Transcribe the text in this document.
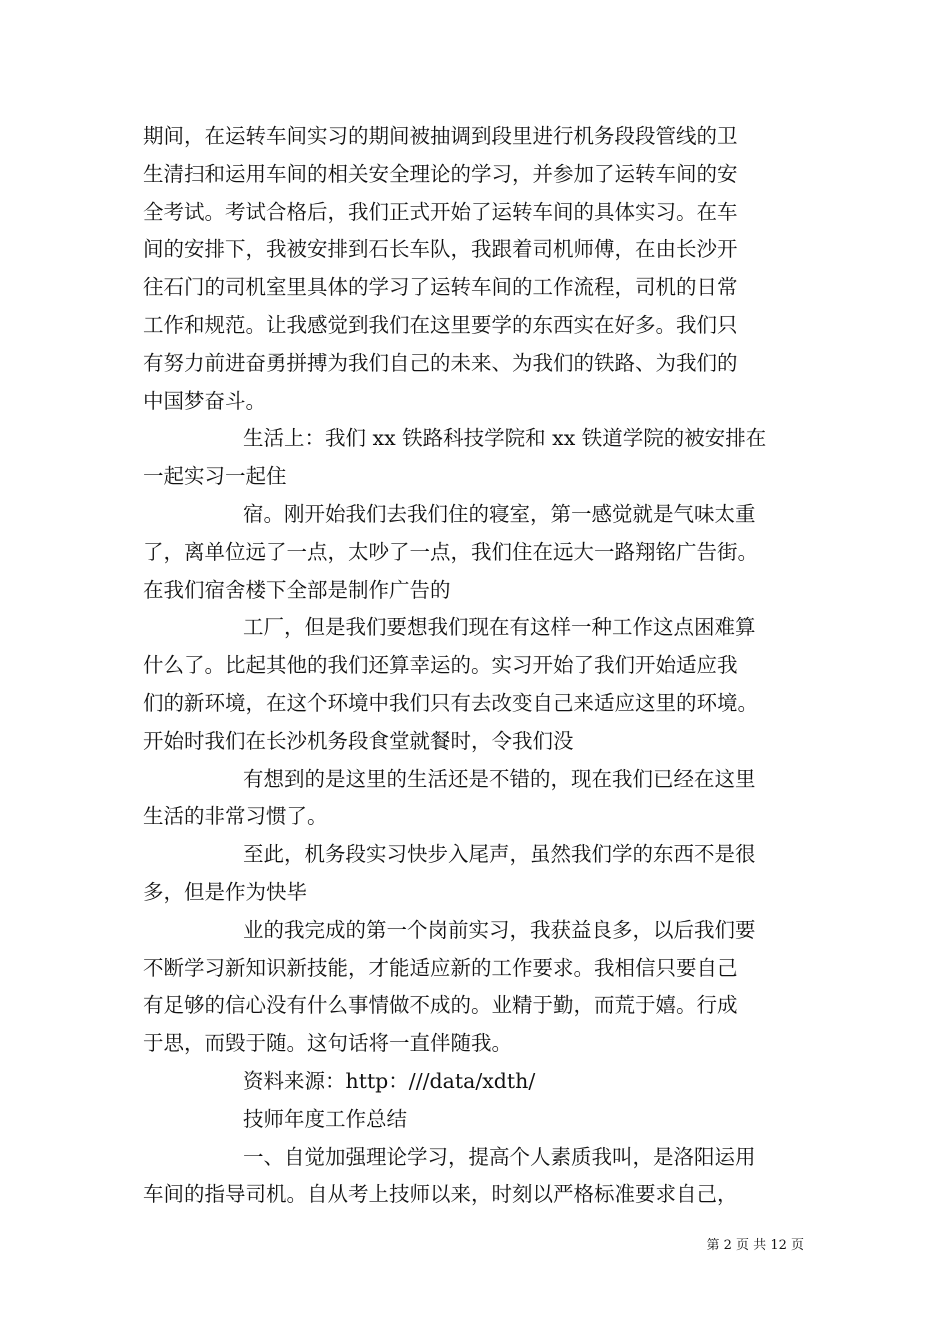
期间，在运转车间实习的期间被抽调到段里进行机务段段管线的卫
生清扫和运用车间的相关安全理论的学习，并参加了运转车间的安
全考试。考试合格后，我们正式开始了运转车间的具体实习。在车
间的安排下，我被安排到石长车队，我跟着司机师傅，在由长沙开
往石门的司机室里具体的学习了运转车间的工作流程，司机的日常
工作和规范。让我感觉到我们在这里要学的东西实在好多。我们只
有努力前进奋勇拼搏为我们自己的未来、为我们的铁路、为我们的
中国梦奋斗。
生活上：我们 xx 铁路科技学院和 xx 铁道学院的被安排在
一起实习一起住
宿。刚开始我们去我们住的寝室，第一感觉就是气味太重
了，离单位远了一点，太吵了一点，我们住在远大一路翔铭广告街。
在我们宿舍楼下全部是制作广告的
工厂，但是我们要想我们现在有这样一种工作这点困难算
什么了。比起其他的我们还算幸运的。实习开始了我们开始适应我
们的新环境，在这个环境中我们只有去改变自己来适应这里的环境。
开始时我们在长沙机务段食堂就餐时，令我们没
有想到的是这里的生活还是不错的，现在我们已经在这里
生活的非常习惯了。
至此，机务段实习快步入尾声，虽然我们学的东西不是很
多，但是作为快毕
业的我完成的第一个岗前实习，我获益良多，以后我们要
不断学习新知识新技能，才能适应新的工作要求。我相信只要自己
有足够的信心没有什么事情做不成的。业精于勤，而荒于嬉。行成
于思，而毁于随。这句话将一直伴随我。
资料来源：http：///data/xdth/
技师年度工作总结
一、自觉加强理论学习，提高个人素质我叫，是洛阳运用
车间的指导司机。自从考上技师以来，时刻以严格标准要求自己，
第 2 页 共 12 页
